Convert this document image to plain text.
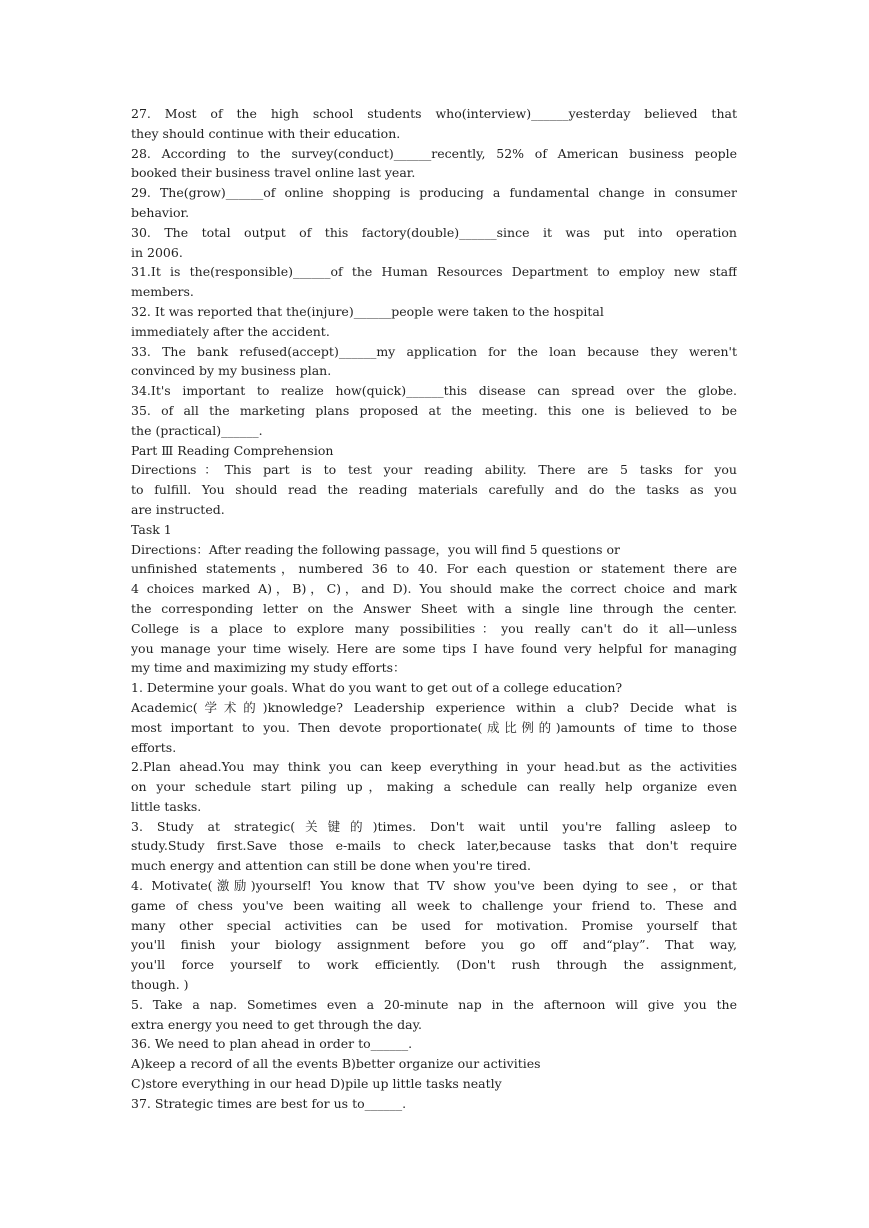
27. Most of the high school students who(interview)______yesterday believed that
they should continue with their education.
28. According to the survey(conduct)______recently, 52% of American business people
booked their business travel online last year.
29. The(grow)______of online shopping is producing a fundamental change in consumer
behavior.
30. The total output of this factory(double)______since it was put into operation
in 2006.
31.It is the(responsible)______of the Human Resources Department to employ new staff
members.
32. It was reported that the(injure)______people were taken to the hospital
immediately after the accident.
33. The bank refused(accept)______my application for the loan because they weren't
convinced by my business plan.
34.It's important to realize how(quick)______this disease can spread over the globe.
35. of all the marketing plans proposed at the meeting. this one is believed to be
the (practical)______.
Part Ⅲ Reading Comprehension
Directions：This part is to test your reading ability. There are 5 tasks for you
to fulfill. You should read the reading materials carefully and do the tasks as you
are instructed.
Task 1
Directions：After reading the following passage，you will find 5 questions or
unfinished statements，numbered 36 to 40. For each question or statement there are
4 choices marked A)，B)，C)，and D). You should make the correct choice and mark
the corresponding letter on the Answer Sheet with a single line through the center.
College is a place to explore many possibilities：you really can't do it all—unless
you manage your time wisely. Here are some tips I have found very helpful for managing
my time and maximizing my study efforts：
1. Determine your goals. What do you want to get out of a college education?
Academic(学术的)knowledge? Leadership experience within a club? Decide what is
most important to you. Then devote proportionate(成比例的)amounts of time to those
efforts.
2.Plan ahead.You may think you can keep everything in your head.but as the activities
on your schedule start piling up，making a schedule can really help organize even
little tasks.
3. Study at strategic(关键的)times. Don't wait until you're falling asleep to
study.Study first.Save those e-mails to check later,because tasks that don't require
much energy and attention can still be done when you're tired.
4. Motivate(激励)yourself! You know that TV show you've been dying to see，or that
game of chess you've been waiting all week to challenge your friend to. These and
many other special activities can be used for motivation. Promise yourself that
you'll finish your biology assignment before you go off and“play”. That way,
you'll force yourself to work efficiently. (Don't rush through the assignment,
though. )
5. Take a nap. Sometimes even a 20-minute nap in the afternoon will give you the
extra energy you need to get through the day.
36. We need to plan ahead in order to______.
A)keep a record of all the events B)better organize our activities
C)store everything in our head D)pile up little tasks neatly
37. Strategic times are best for us to______.
